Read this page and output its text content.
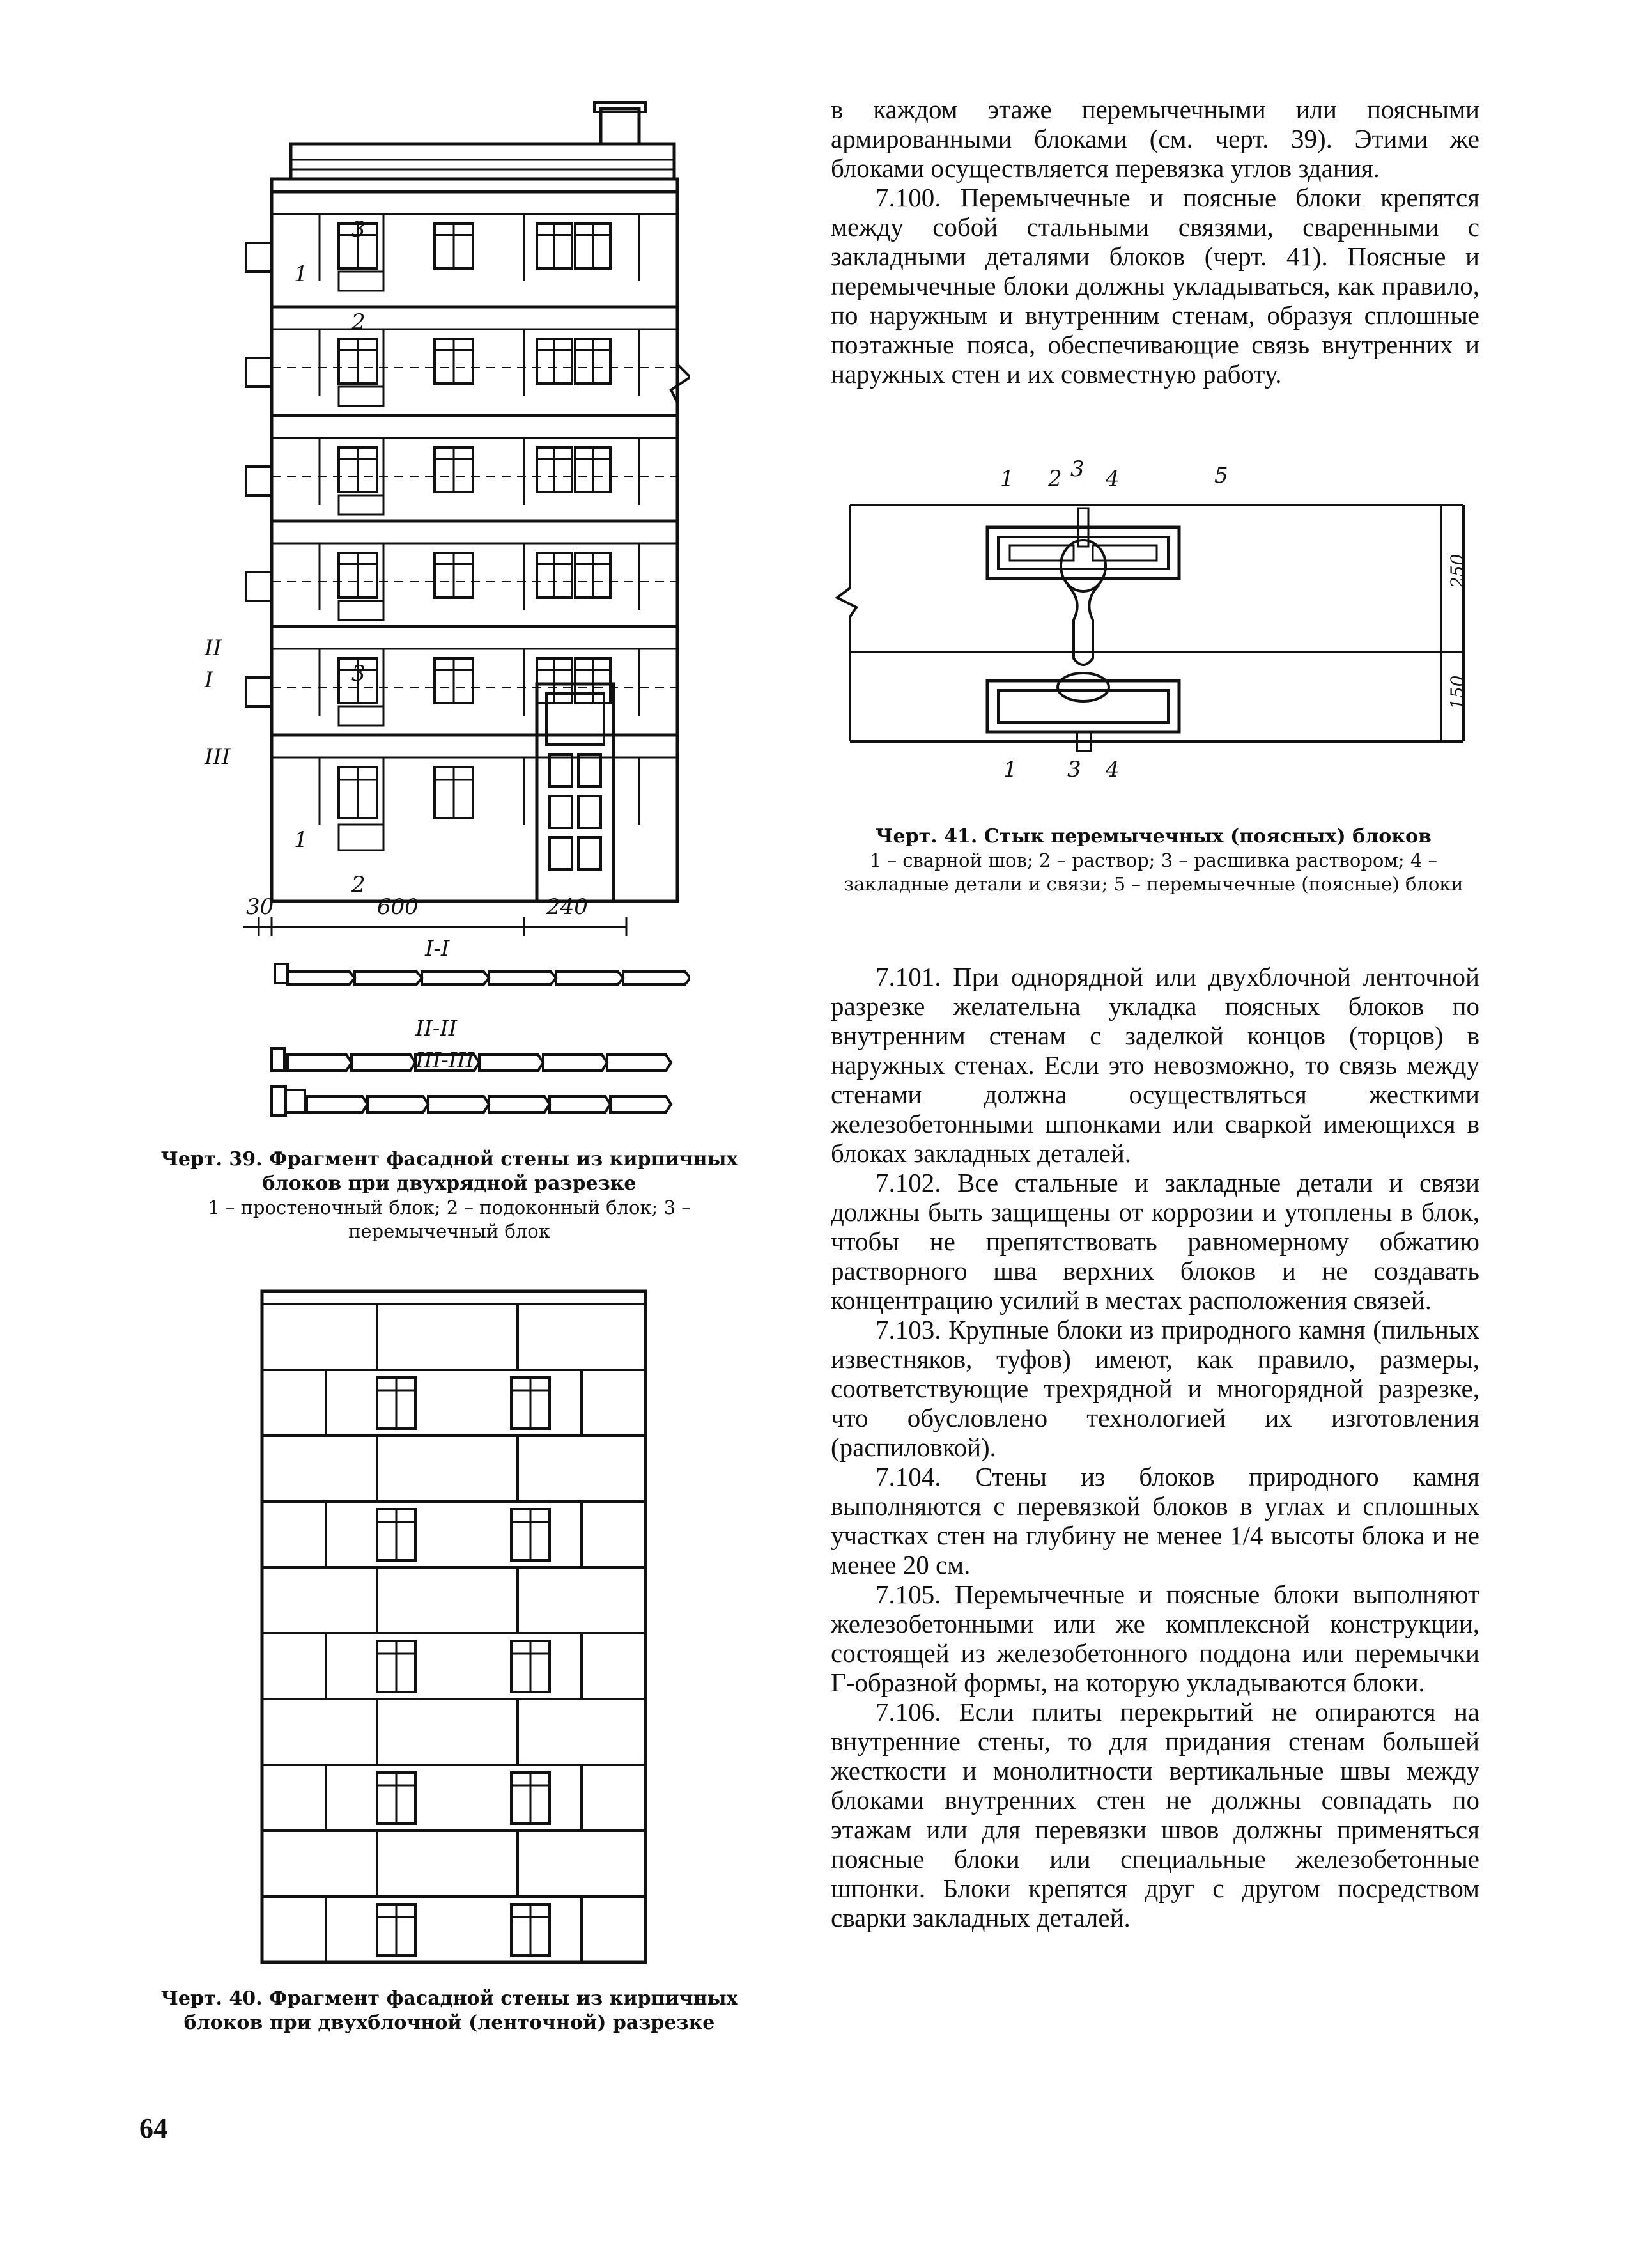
1
3
2
1
3
2
II
I
III
30	600	240
I-I
II-II
III-III
Черт. 39. Фрагмент фасадной стены из кирпичных блоков при двухрядной разрезке
1 – простеночный блок; 2 – подоконный блок; 3 – перемычечный блок
Черт. 40. Фрагмент фасадной стены из кирпичных блоков при двухблочной (ленточной) разрезке

в каждом этаже перемычечными или поясными армированными блоками (см. черт. 39). Этими же блоками осуществляется перевязка углов здания.

7.100. Перемычечные и поясные блоки крепятся между собой стальными связями, сваренными с закладными деталями блоков (черт. 41). Поясные и перемычечные блоки должны укладываться, как правило, по наружным и внутренним стенам, образуя сплошные поэтажные пояса, обеспечивающие связь внутренних и наружных стен и их совместную работу.

1 2 3 4	5
250
150
1 3 4
Черт. 41. Стык перемычечных (поясных) блоков
1 – сварной шов; 2 – раствор; 3 – расшивка раствором; 4 – закладные детали и связи; 5 – перемычечные (поясные) блоки

7.101. При однорядной или двухблочной ленточной разрезке желательна укладка поясных блоков по внутренним стенам с заделкой концов (торцов) в наружных стенах. Если это невозможно, то связь между стенами должна осуществляться жесткими железобетонными шпонками или сваркой имеющихся в блоках закладных деталей.

7.102. Все стальные и закладные детали и связи должны быть защищены от коррозии и утоплены в блок, чтобы не препятствовать равномерному обжатию растворного шва верхних блоков и не создавать концентрацию усилий в местах расположения связей.

7.103. Крупные блоки из природного камня (пильных известняков, туфов) имеют, как правило, размеры, соответствующие трехрядной и многорядной разрезке, что обусловлено технологией их изготовления (распиловкой).

7.104. Стены из блоков природного камня выполняются с перевязкой блоков в углах и сплошных участках стен на глубину не менее 1/4 высоты блока и не менее 20 см.

7.105. Перемычечные и поясные блоки выполняют железобетонными или же комплексной конструкции, состоящей из железобетонного поддона или перемычки Г-образной формы, на которую укладываются блоки.

7.106. Если плиты перекрытий не опираются на внутренние стены, то для придания стенам большей жесткости и монолитности вертикальные швы между блоками внутренних стен не должны совпадать по этажам или для перевязки швов должны применяться поясные блоки или специальные железобетонные шпонки. Блоки крепятся друг с другом посредством сварки закладных деталей.

64
